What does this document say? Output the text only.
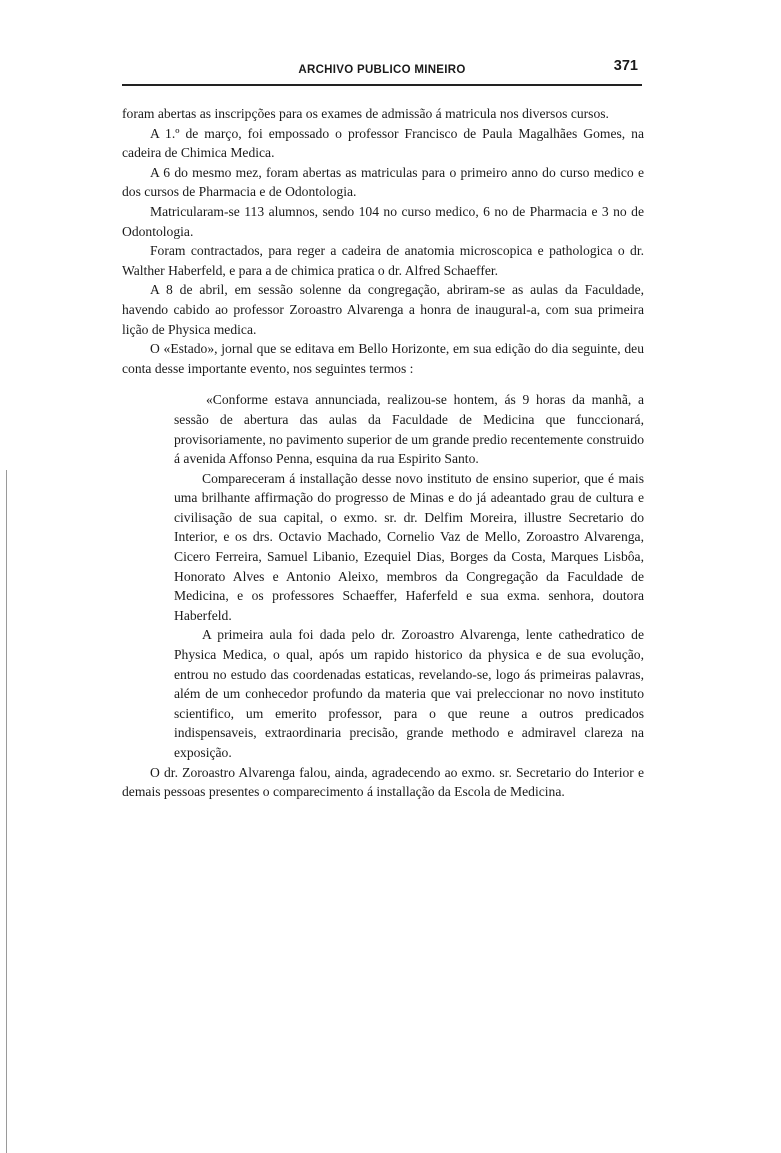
ARCHIVO PUBLICO MINEIRO	371

foram abertas as inscripções para os exames de admissão á matricula nos diversos cursos.

A 1.º de março, foi empossado o professor Francisco de Paula Magalhães Gomes, na cadeira de Chimica Medica.

A 6 do mesmo mez, foram abertas as matriculas para o primeiro anno do curso medico e dos cursos de Pharmacia e de Odontologia.

Matricularam-se 113 alumnos, sendo 104 no curso medico, 6 no de Pharmacia e 3 no de Odontologia.

Foram contractados, para reger a cadeira de anatomia microscopica e pathologica o dr. Walther Haberfeld, e para a de chimica pratica o dr. Alfred Schaeffer.

A 8 de abril, em sessão solenne da congregação, abriram-se as aulas da Faculdade, havendo cabido ao professor Zoroastro Alvarenga a honra de inaugural-a, com sua primeira lição de Physica medica.

O «Estado», jornal que se editava em Bello Horizonte, em sua edição do dia seguinte, deu conta desse importante evento, nos seguintes termos :

«Conforme estava annunciada, realizou-se hontem, ás 9 horas da manhã, a sessão de abertura das aulas da Faculdade de Medicina que funccionará, provisoriamente, no pavimento superior de um grande predio recentemente construido á avenida Affonso Penna, esquina da rua Espirito Santo.

Compareceram á installação desse novo instituto de ensino superior, que é mais uma brilhante affirmação do progresso de Minas e do já adeantado grau de cultura e civilisação de sua capital, o exmo. sr. dr. Delfim Moreira, illustre Secretario do Interior, e os drs. Octavio Machado, Cornelio Vaz de Mello, Zoroastro Alvarenga, Cicero Ferreira, Samuel Libanio, Ezequiel Dias, Borges da Costa, Marques Lisbôa, Honorato Alves e Antonio Aleixo, membros da Congregação da Faculdade de Medicina, e os professores Schaeffer, Haferfeld e sua exma. senhora, doutora Haberfeld.

A primeira aula foi dada pelo dr. Zoroastro Alvarenga, lente cathedratico de Physica Medica, o qual, após um rapido historico da physica e de sua evolução, entrou no estudo das coordenadas estaticas, revelando-se, logo ás primeiras palavras, além de um conhecedor profundo da materia que vai preleccionar no novo instituto scientifico, um emerito professor, para o que reune a outros predicados indispensaveis, extraordinaria precisão, grande methodo e admiravel clareza na exposição.

O dr. Zoroastro Alvarenga falou, ainda, agradecendo ao exmo. sr. Secretario do Interior e demais pessoas presentes o comparecimento á installação da Escola de Medicina.
